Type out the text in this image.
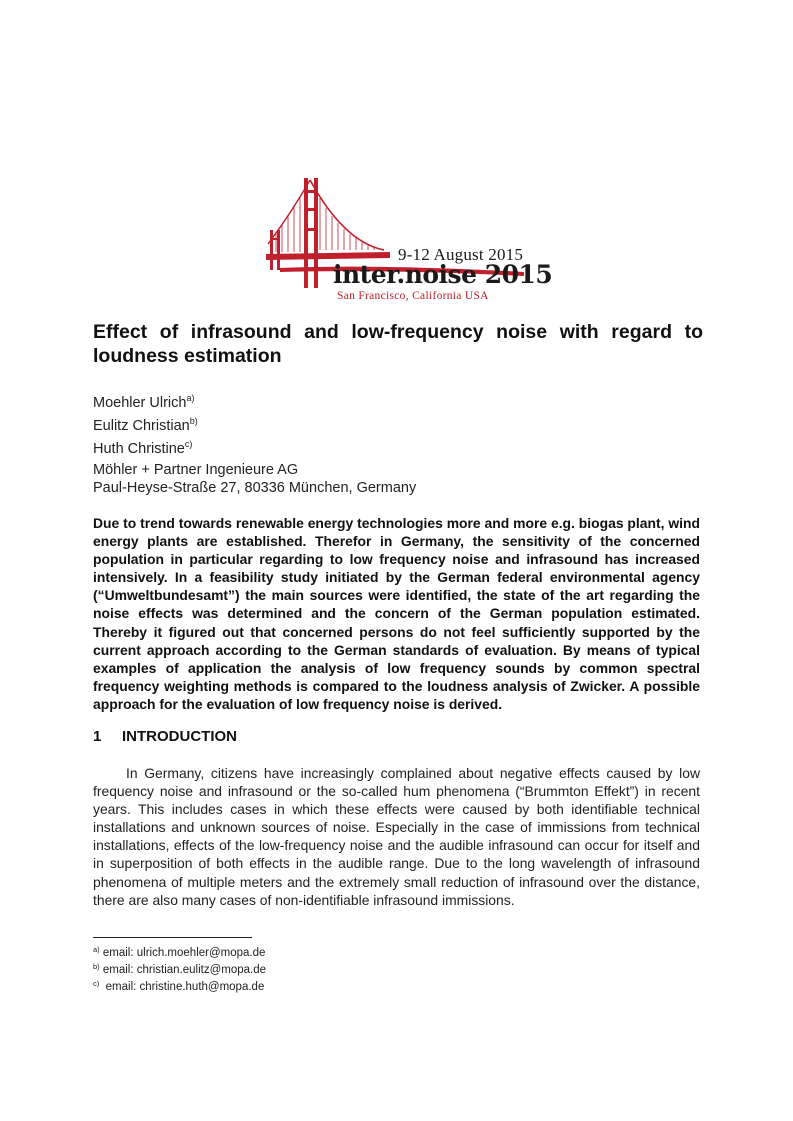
9-12 August 2015
inter.noise 2015
San Francisco, California USA
Effect of infrasound and low-frequency noise with regard to loudness estimation
Moehler Ulrich$^{a)}$
Eulitz Christian$^{b)}$
Huth Christine$^{c)}$
Möhler + Partner Ingenieure AG
Paul-Heyse-Straße 27, 80336 München, Germany

Due to trend towards renewable energy technologies more and more e.g. biogas plant, wind energy plants are established. Therefor in Germany, the sensitivity of the concerned population in particular regarding to low frequency noise and infrasound has increased intensively. In a feasibility study initiated by the German federal environmental agency (“Umweltbundesamt”) the main sources were identified, the state of the art regarding the noise effects was determined and the concern of the German population estimated. Thereby it figured out that concerned persons do not feel sufficiently supported by the current approach according to the German standards of evaluation. By means of typical examples of application the analysis of low frequency sounds by common spectral frequency weighting methods is compared to the loudness analysis of Zwicker. A possible approach for the evaluation of low frequency noise is derived.

1 INTRODUCTION

In Germany, citizens have increasingly complained about negative effects caused by low frequency noise and infrasound or the so-called hum phenomena (“Brummton Effekt”) in recent years. This includes cases in which these effects were caused by both identifiable technical installations and unknown sources of noise. Especially in the case of immissions from technical installations, effects of the low-frequency noise and the audible infrasound can occur for itself and in superposition of both effects in the audible range. Due to the long wavelength of infrasound phenomena of multiple meters and the extremely small reduction of infrasound over the distance, there are also many cases of non-identifiable infrasound immissions.

$^{a)}$ email: ulrich.moehler@mopa.de
$^{b)}$ email: christian.eulitz@mopa.de
$^{c)}$ email: christine.huth@mopa.de
